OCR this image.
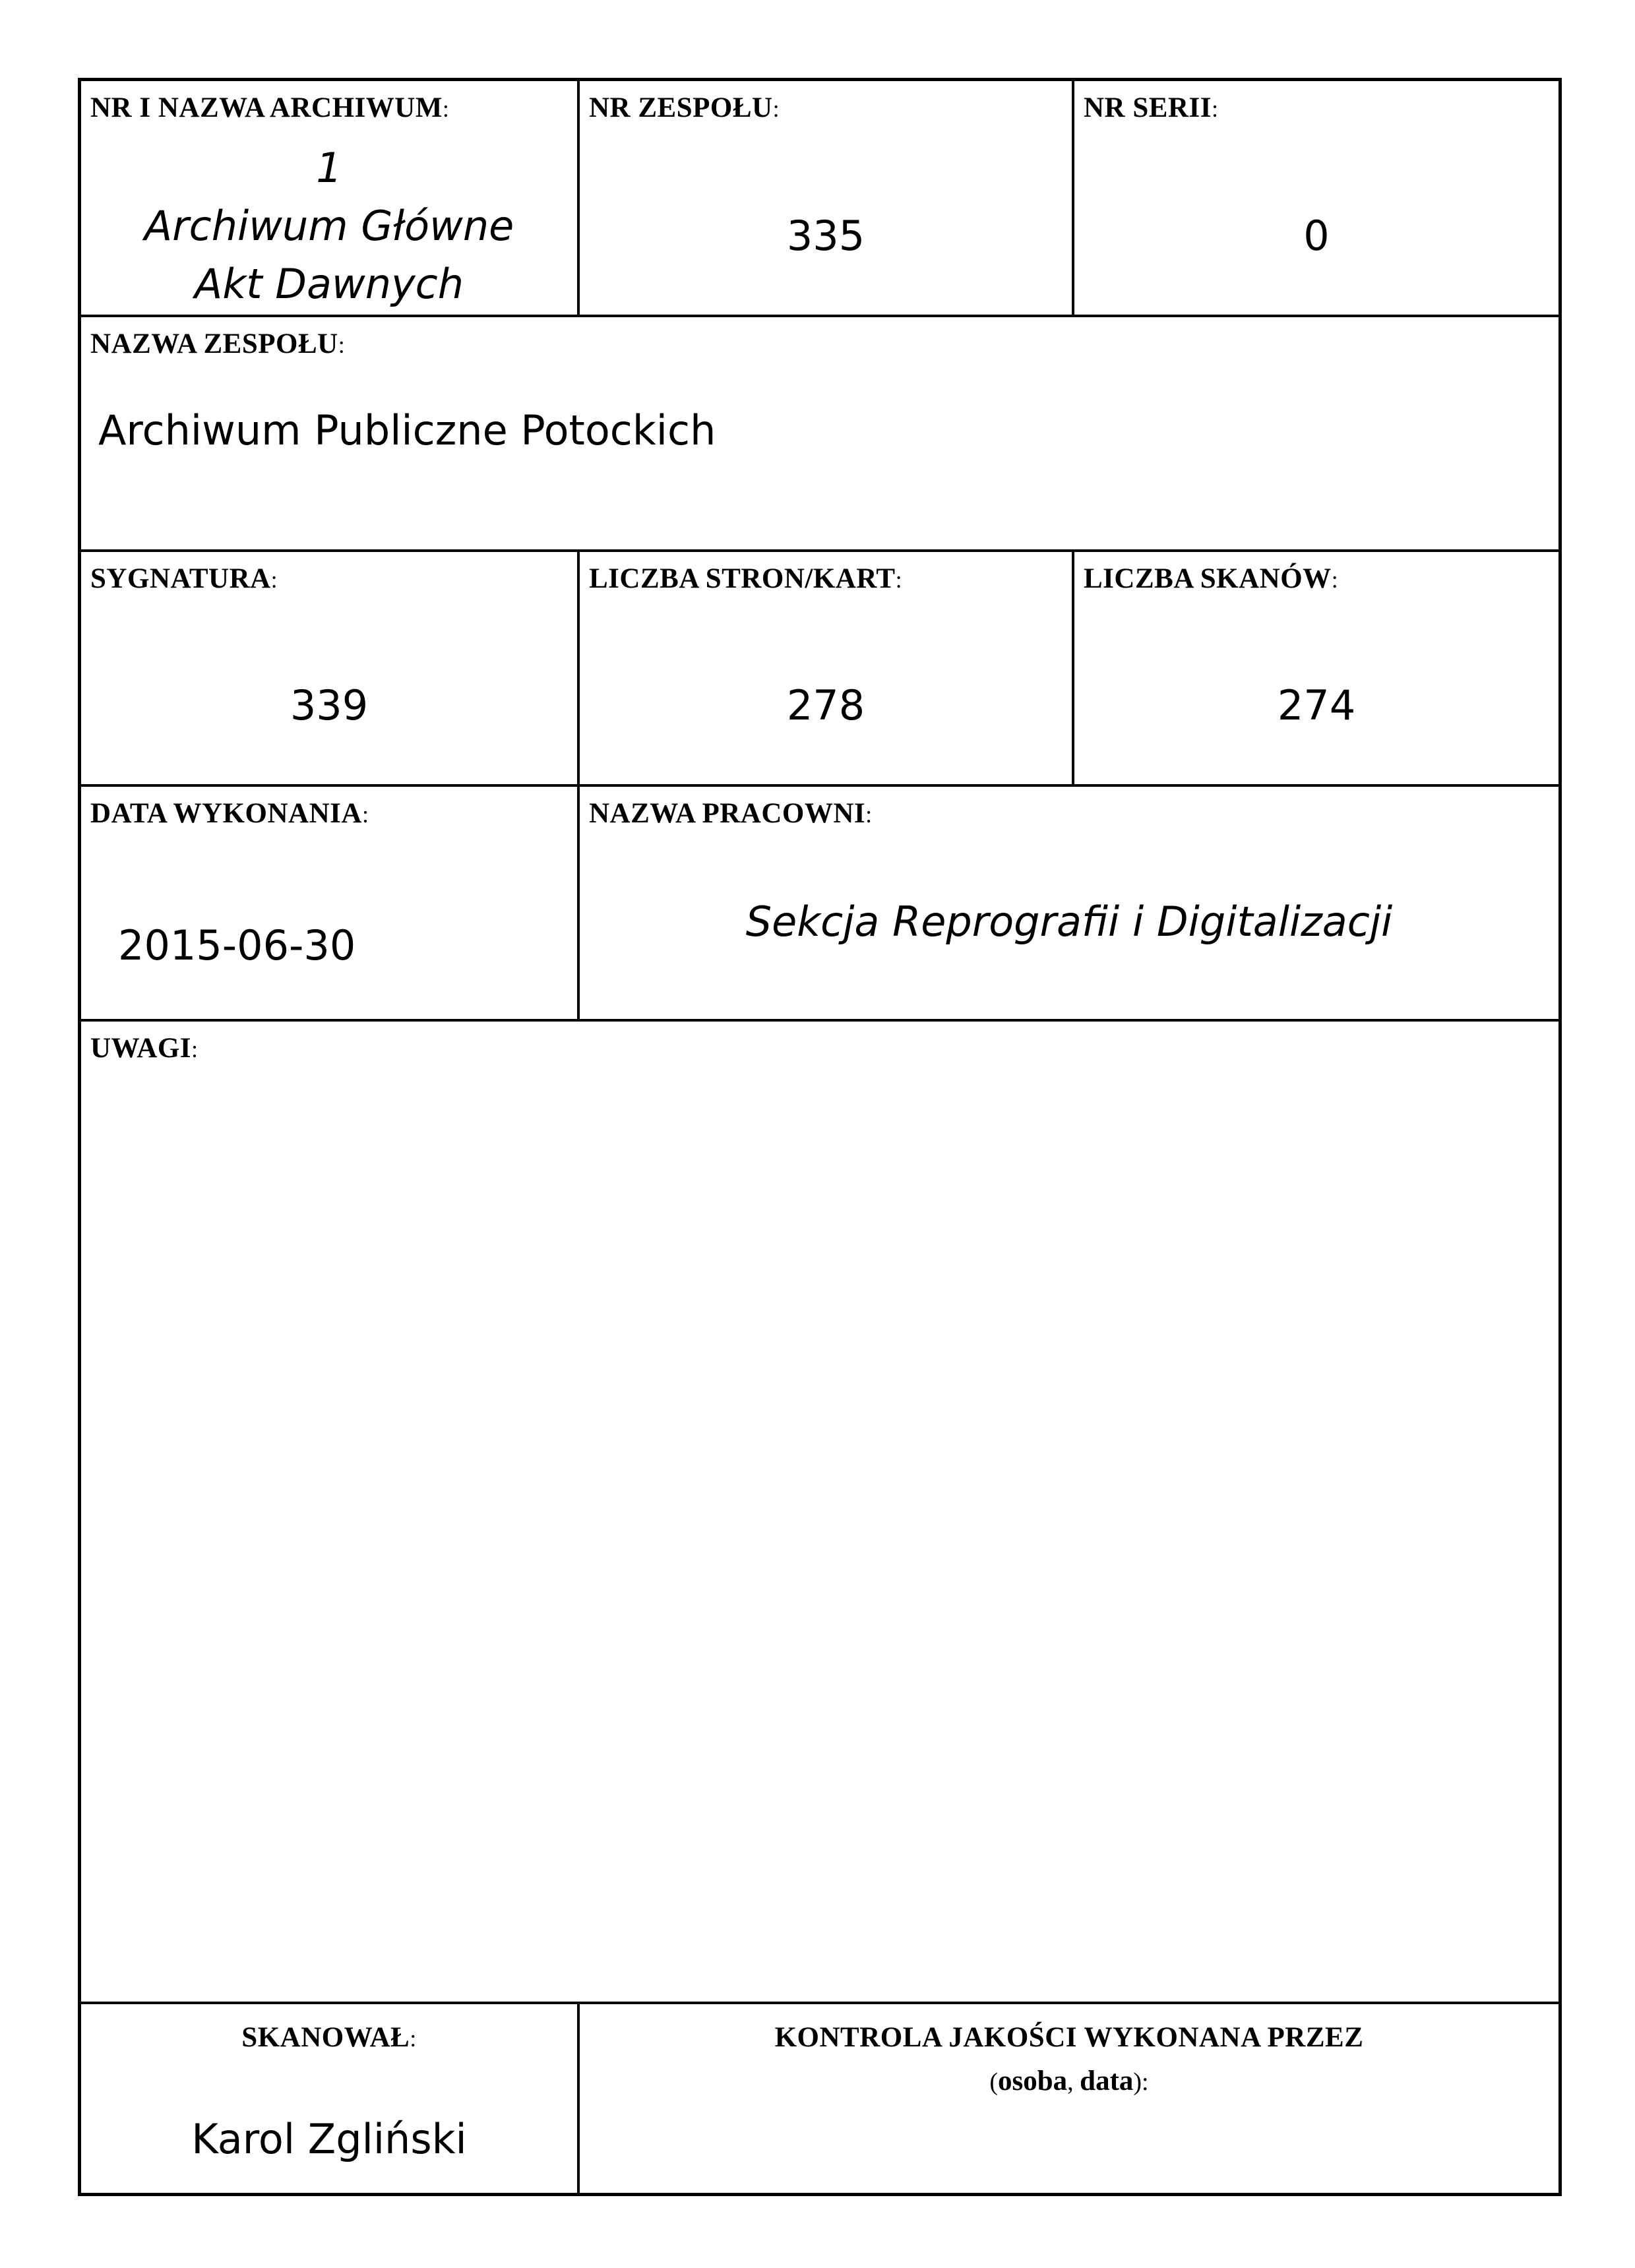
NR I NAZWA ARCHIWUM:
1
Archiwum Główne
Akt Dawnych
NR ZESPOŁU:
335
NR SERII:
0
NAZWA ZESPOŁU:
Archiwum Publiczne Potockich
SYGNATURA:
339
LICZBA STRON/KART:
278
LICZBA SKANÓW:
274
DATA WYKONANIA:
2015-06-30
NAZWA PRACOWNI:
Sekcja Reprografii i Digitalizacji
UWAGI:
SKANOWAŁ:
Karol Zgliński
KONTROLA JAKOŚCI WYKONANA PRZEZ
(osoba, data):
